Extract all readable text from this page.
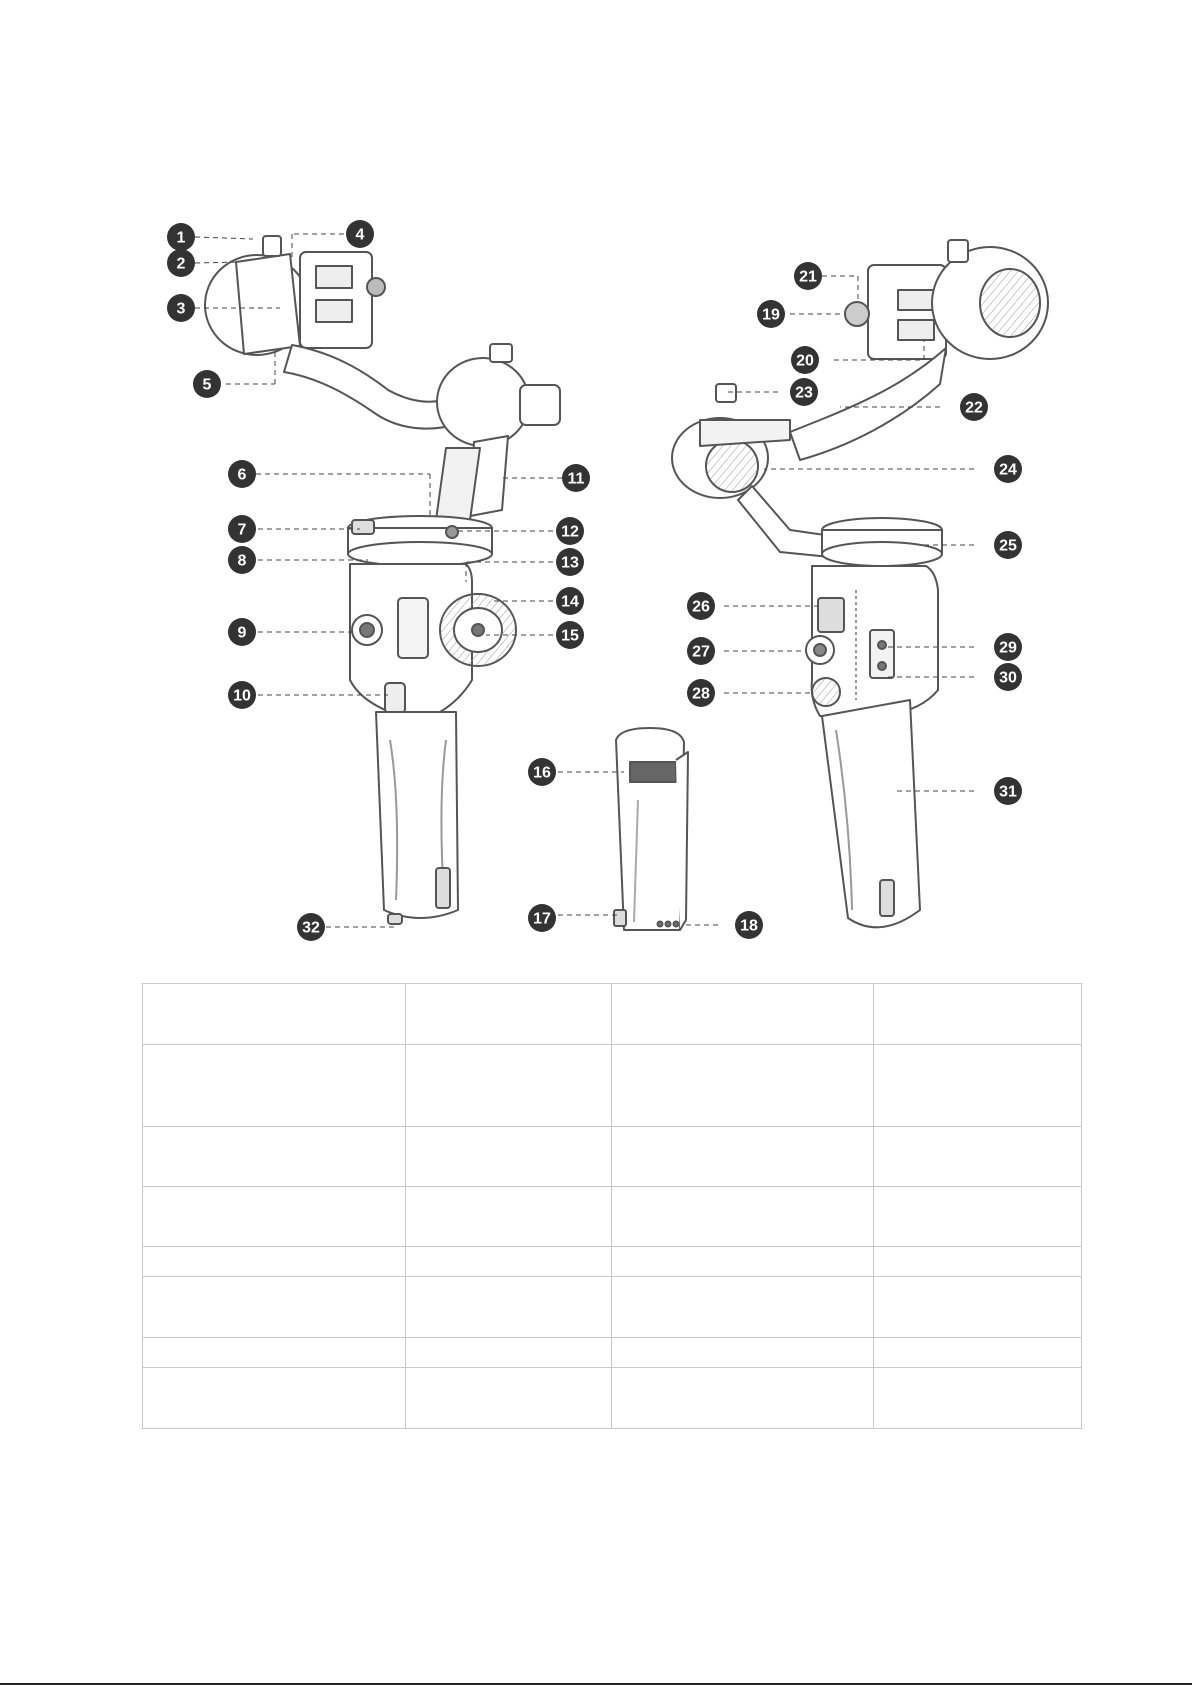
1
2
3
4
5
6
7
8
9
10
11
12
13
14
15
16
17	18
19
20
21
22
23
24
25
26
27
28
29
30
31
32
